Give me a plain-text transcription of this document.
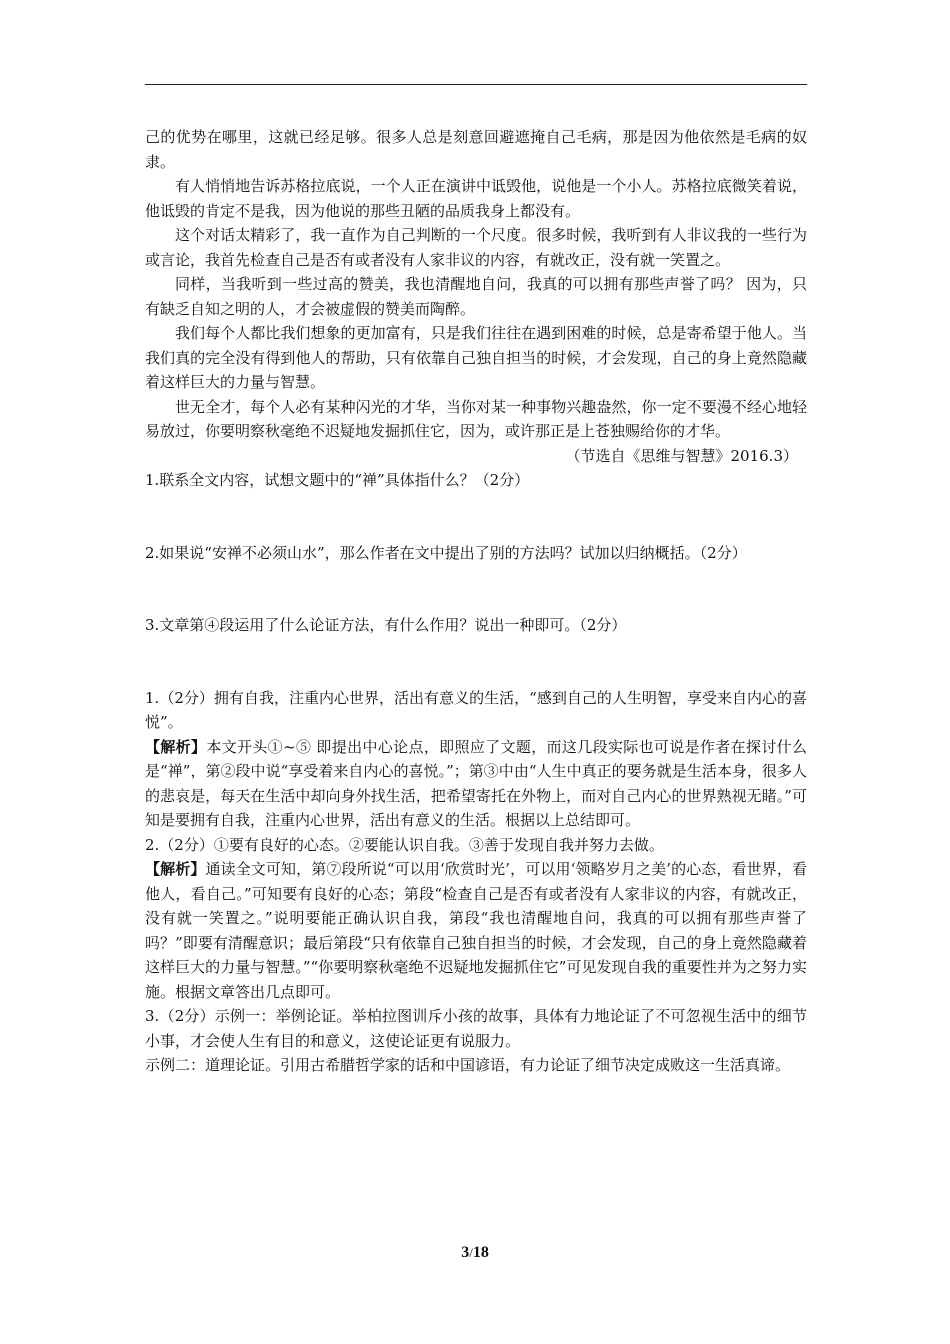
己的优势在哪里，这就已经足够。很多人总是刻意回避遮掩自己毛病，那是因为他依然是毛病的奴隶。

有人悄悄地告诉苏格拉底说，一个人正在演讲中诋毁他，说他是一个小人。苏格拉底微笑着说，他诋毁的肯定不是我，因为他说的那些丑陋的品质我身上都没有。

这个对话太精彩了，我一直作为自己判断的一个尺度。很多时候，我听到有人非议我的一些行为或言论，我首先检查自己是否有或者没有人家非议的内容，有就改正，没有就一笑置之。

同样，当我听到一些过高的赞美，我也清醒地自问，我真的可以拥有那些声誉了吗？ 因为，只有缺乏自知之明的人，才会被虚假的赞美而陶醉。

我们每个人都比我们想象的更加富有，只是我们往往在遇到困难的时候，总是寄希望于他人。当我们真的完全没有得到他人的帮助，只有依靠自己独自担当的时候，才会发现，自己的身上竟然隐藏着这样巨大的力量与智慧。

世无全才，每个人必有某种闪光的才华，当你对某一种事物兴趣盎然，你一定不要漫不经心地轻易放过，你要明察秋毫绝不迟疑地发掘抓住它，因为，或许那正是上苍独赐给你的才华。

（节选自《思维与智慧》2016.3）

1.联系全文内容，试想文题中的“禅”具体指什么？（2分）

2.如果说“安禅不必须山水”，那么作者在文中提出了别的方法吗？试加以归纳概括。（2分）

3.文章第④段运用了什么论证方法，有什么作用？说出一种即可。（2分）

1.（2分）拥有自我，注重内心世界，活出有意义的生活，“感到自己的人生明智，享受来自内心的喜悦”。

【解析】本文开头①~⑤ 即提出中心论点，即照应了文题，而这几段实际也可说是作者在探讨什么是“禅”，第②段中说“享受着来自内心的喜悦。”；第③中由“人生中真正的要务就是生活本身，很多人的悲哀是，每天在生活中却向身外找生活，把希望寄托在外物上，而对自己内心的世界熟视无睹。”可知是要拥有自我，注重内心世界，活出有意义的生活。根据以上总结即可。

2.（2分）①要有良好的心态。②要能认识自我。③善于发现自我并努力去做。

【解析】通读全文可知，第⑦段所说“可以用‘欣赏时光’，可以用‘领略岁月之美’的心态，看世界，看他人，看自己。”可知要有良好的心态；第段“检查自己是否有或者没有人家非议的内容，有就改正，没有就一笑置之。”说明要能正确认识自我，第段“我也清醒地自问，我真的可以拥有那些声誉了吗？”即要有清醒意识；最后第段“只有依靠自己独自担当的时候，才会发现，自己的身上竟然隐藏着这样巨大的力量与智慧。”“你要明察秋毫绝不迟疑地发掘抓住它”可见发现自我的重要性并为之努力实施。根据文章答出几点即可。

3.（2分）示例一：举例论证。举柏拉图训斥小孩的故事，具体有力地论证了不可忽视生活中的细节小事，才会使人生有目的和意义，这使论证更有说服力。

示例二：道理论证。引用古希腊哲学家的话和中国谚语，有力论证了细节决定成败这一生活真谛。

3/18
